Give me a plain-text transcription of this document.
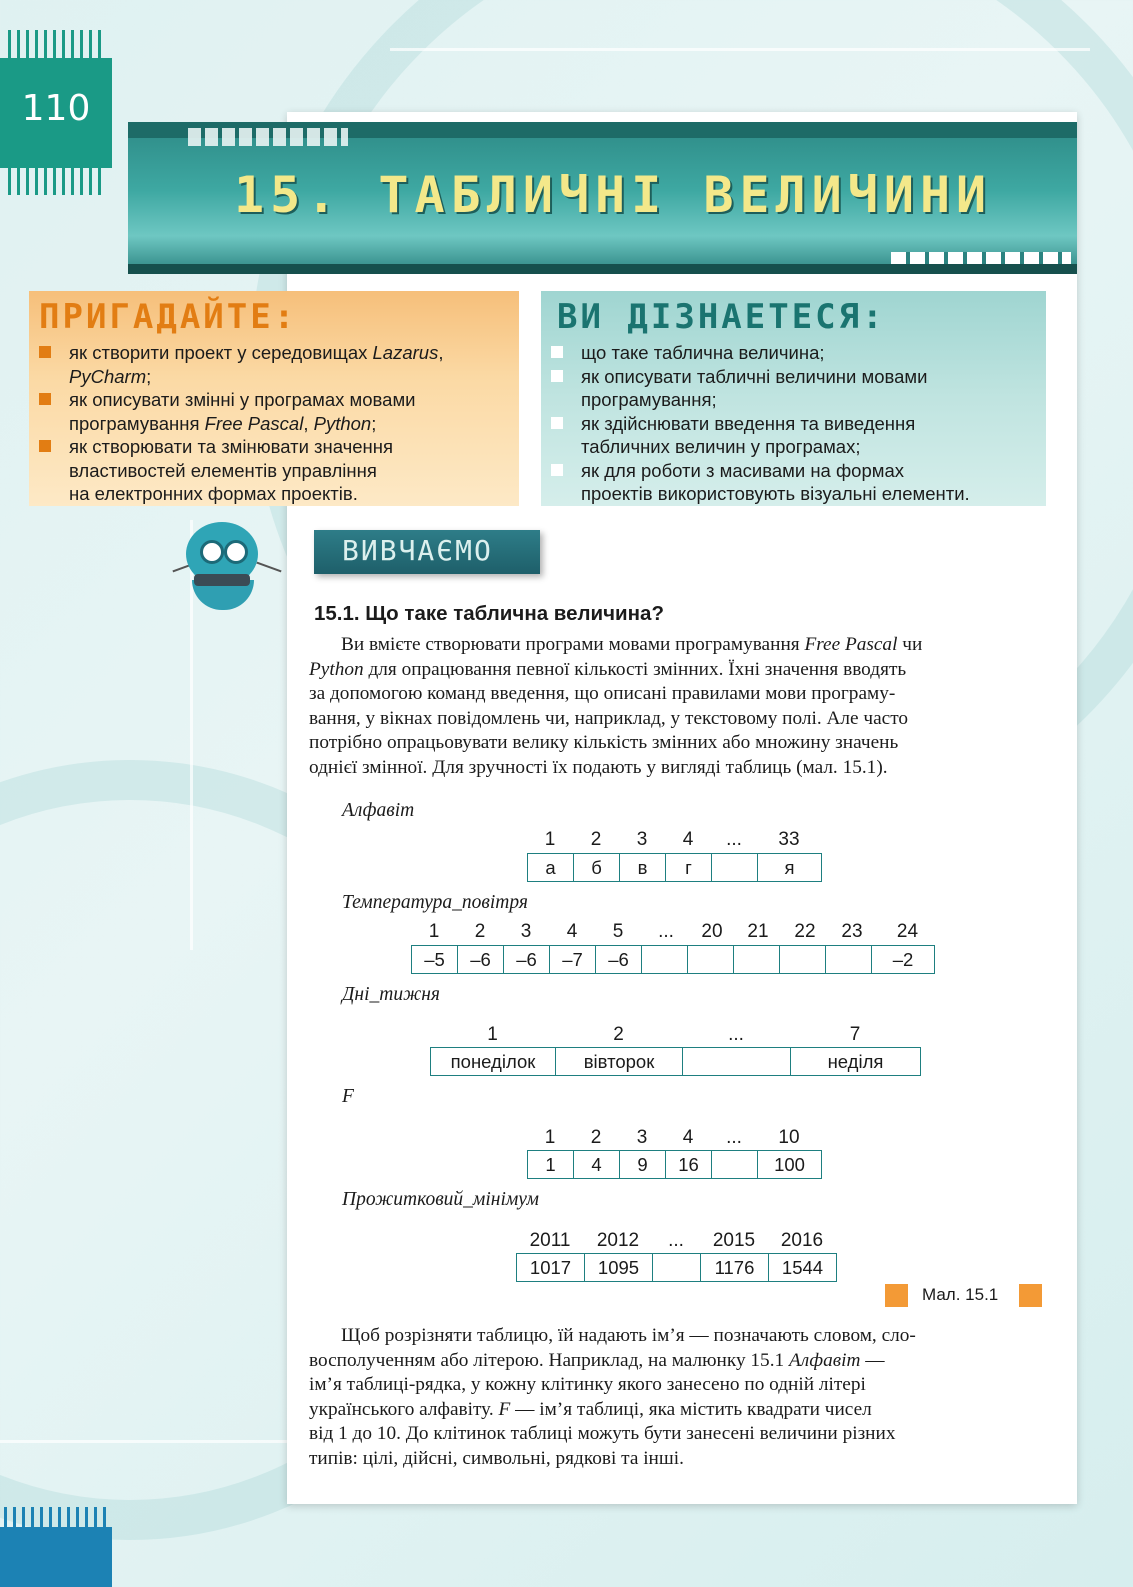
110
15. ТАБЛИЧНІ ВЕЛИЧИНИ
ПРИГАДАЙТЕ:
як створити проект у середовищах Lazarus,
PyCharm;
як описувати змінні у програмах мовами
програмування Free Pascal, Python;
як створювати та змінювати значення
властивостей елементів управління
на електронних формах проектів.
ВИ ДІЗНАЕТЕСЯ:
що таке таблична величина;
як описувати табличні величини мовами
програмування;
як здійснювати введення та виведення
табличних величин у програмах;
як для роботи з масивами на формах
проектів використовують візуальні елементи.
ВИВЧАЄМО
15.1. Що таке таблична величина?

Ви вмієте створювати програми мовами програмування Free Pascal чи
Python для опрацювання певної кількості змінних. Їхні значення вводять
за допомогою команд введення, що описані правилами мови програму-
вання, у вікнах повідомлень чи, наприклад, у текстовому полі. Але часто
потрібно опрацьовувати велику кількість змінних або множину значень
однієї змінної. Для зручності їх подають у вигляді таблиць (мал. 15.1).

Алфавіт
1	2	3	4	...	33
а	б	в	г		я
Температура_повітря
1	2	3	4	5	...	20	21	22	23	24
–5	–6	–6	–7	–6						–2
Дні_тижня
1	2	...	7
понеділок	вівторок		неділя
F
1	2	3	4	...	10
1	4	9	16		100
Прожитковий_мінімум
2011	2012	...	2015	2016
1017	1095		1176	1544
Мал. 15.1

Щоб розрізняти таблицю, їй надають ім’я — позначають словом, сло-
восполученням або літерою. Наприклад, на малюнку 15.1 Алфавіт —
ім’я таблиці-рядка, у кожну клітинку якого занесено по одній літері
українського алфавіту. F — ім’я таблиці, яка містить квадрати чисел
від 1 до 10. До клітинок таблиці можуть бути занесені величини різних
типів: цілі, дійсні, символьні, рядкові та інші.
